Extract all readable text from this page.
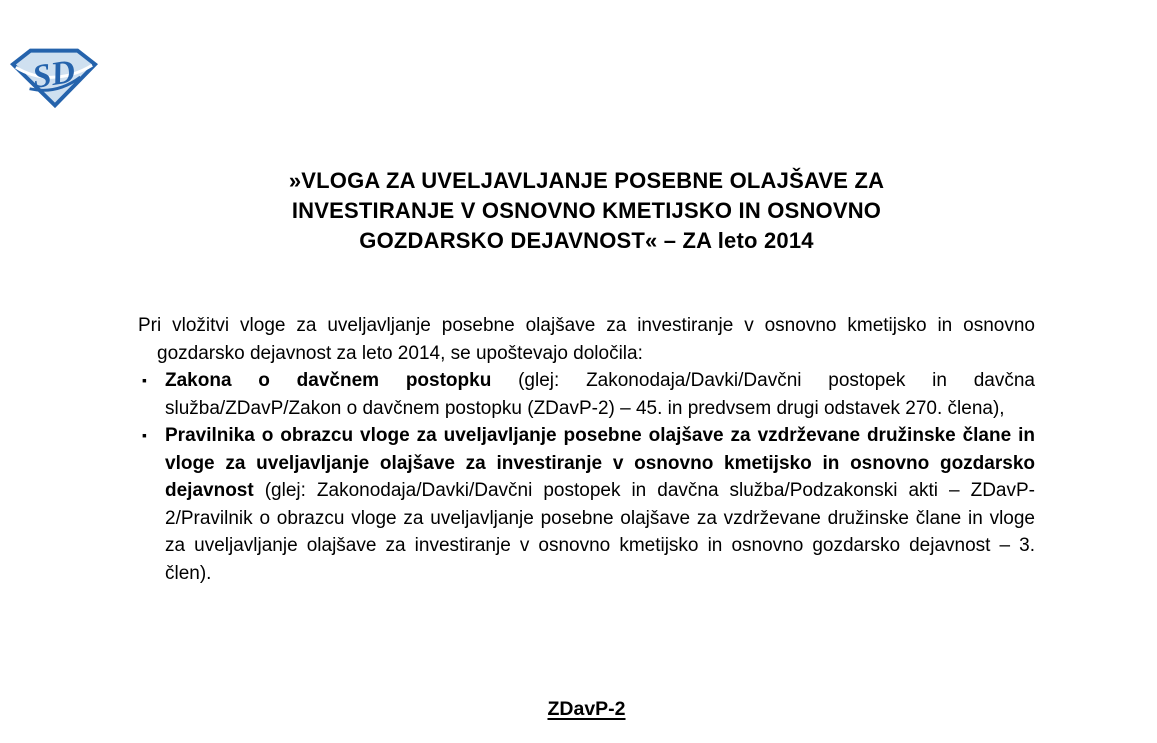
SD
»VLOGA ZA UVELJAVLJANJE POSEBNE OLAJŠAVE ZA
INVESTIRANJE V OSNOVNO KMETIJSKO IN OSNOVNO
GOZDARSKO DEJAVNOST« – ZA leto 2014

Pri vložitvi vloge za uveljavljanje posebne olajšave za investiranje v osnovno kmetijsko in osnovno gozdarsko dejavnost za leto 2014, se upoštevajo določila:

▪ Zakona o davčnem postopku (glej: Zakonodaja/Davki/Davčni postopek in davčna služba/ZDavP/Zakon o davčnem postopku (ZDavP-2) – 45. in predvsem drugi odstavek 270. člena),
▪ Pravilnika o obrazcu vloge za uveljavljanje posebne olajšave za vzdrževane družinske člane in vloge za uveljavljanje olajšave za investiranje v osnovno kmetijsko in osnovno gozdarsko dejavnost (glej: Zakonodaja/Davki/Davčni postopek in davčna služba/Podzakonski akti – ZDavP-2/Pravilnik o obrazcu vloge za uveljavljanje posebne olajšave za vzdrževane družinske člane in vloge za uveljavljanje olajšave za investiranje v osnovno kmetijsko in osnovno gozdarsko dejavnost – 3. člen).
ZDavP-2
